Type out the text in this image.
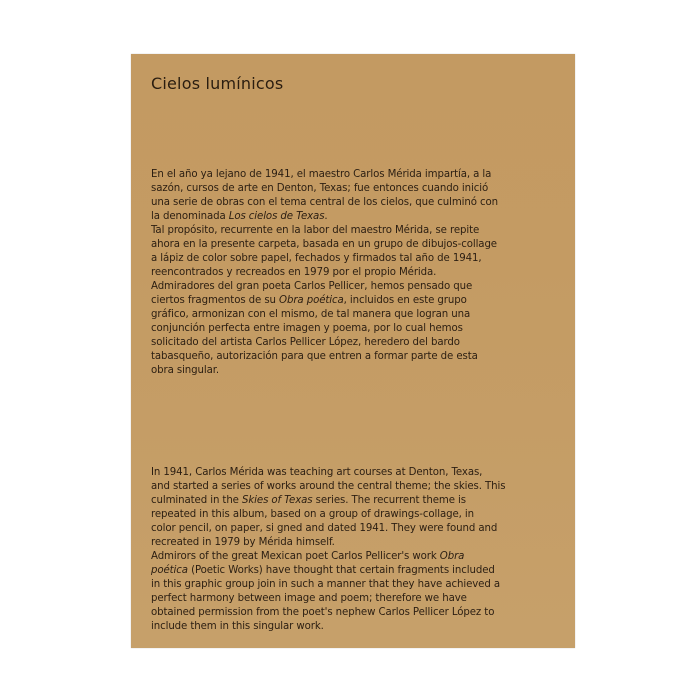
Cielos lumínicos

En el año ya lejano de 1941, el maestro Carlos Mérida impartía, a la
sazón, cursos de arte en Denton, Texas; fue entonces cuando inició
una serie de obras con el tema central de los cielos, que culminó con
la denominada Los cielos de Texas.
Tal propósito, recurrente en la labor del maestro Mérida, se repite
ahora en la presente carpeta, basada en un grupo de dibujos-collage
a lápiz de color sobre papel, fechados y firmados tal año de 1941,
reencontrados y recreados en 1979 por el propio Mérida.
Admiradores del gran poeta Carlos Pellicer, hemos pensado que
ciertos fragmentos de su Obra poética, incluidos en este grupo
gráfico, armonizan con el mismo, de tal manera que logran una
conjunción perfecta entre imagen y poema, por lo cual hemos
solicitado del artista Carlos Pellicer López, heredero del bardo
tabasqueño, autorización para que entren a formar parte de esta
obra singular.

In 1941, Carlos Mérida was teaching art courses at Denton, Texas,
and started a series of works around the central theme; the skies. This
culminated in the Skies of Texas series. The recurrent theme is
repeated in this album, based on a group of drawings-collage, in
color pencil, on paper, si gned and dated 1941. They were found and
recreated in 1979 by Mérida himself.
Admirors of the great Mexican poet Carlos Pellicer's work Obra
poética (Poetic Works) have thought that certain fragments included
in this graphic group join in such a manner that they have achieved a
perfect harmony between image and poem; therefore we have
obtained permission from the poet's nephew Carlos Pellicer López to
include them in this singular work.
